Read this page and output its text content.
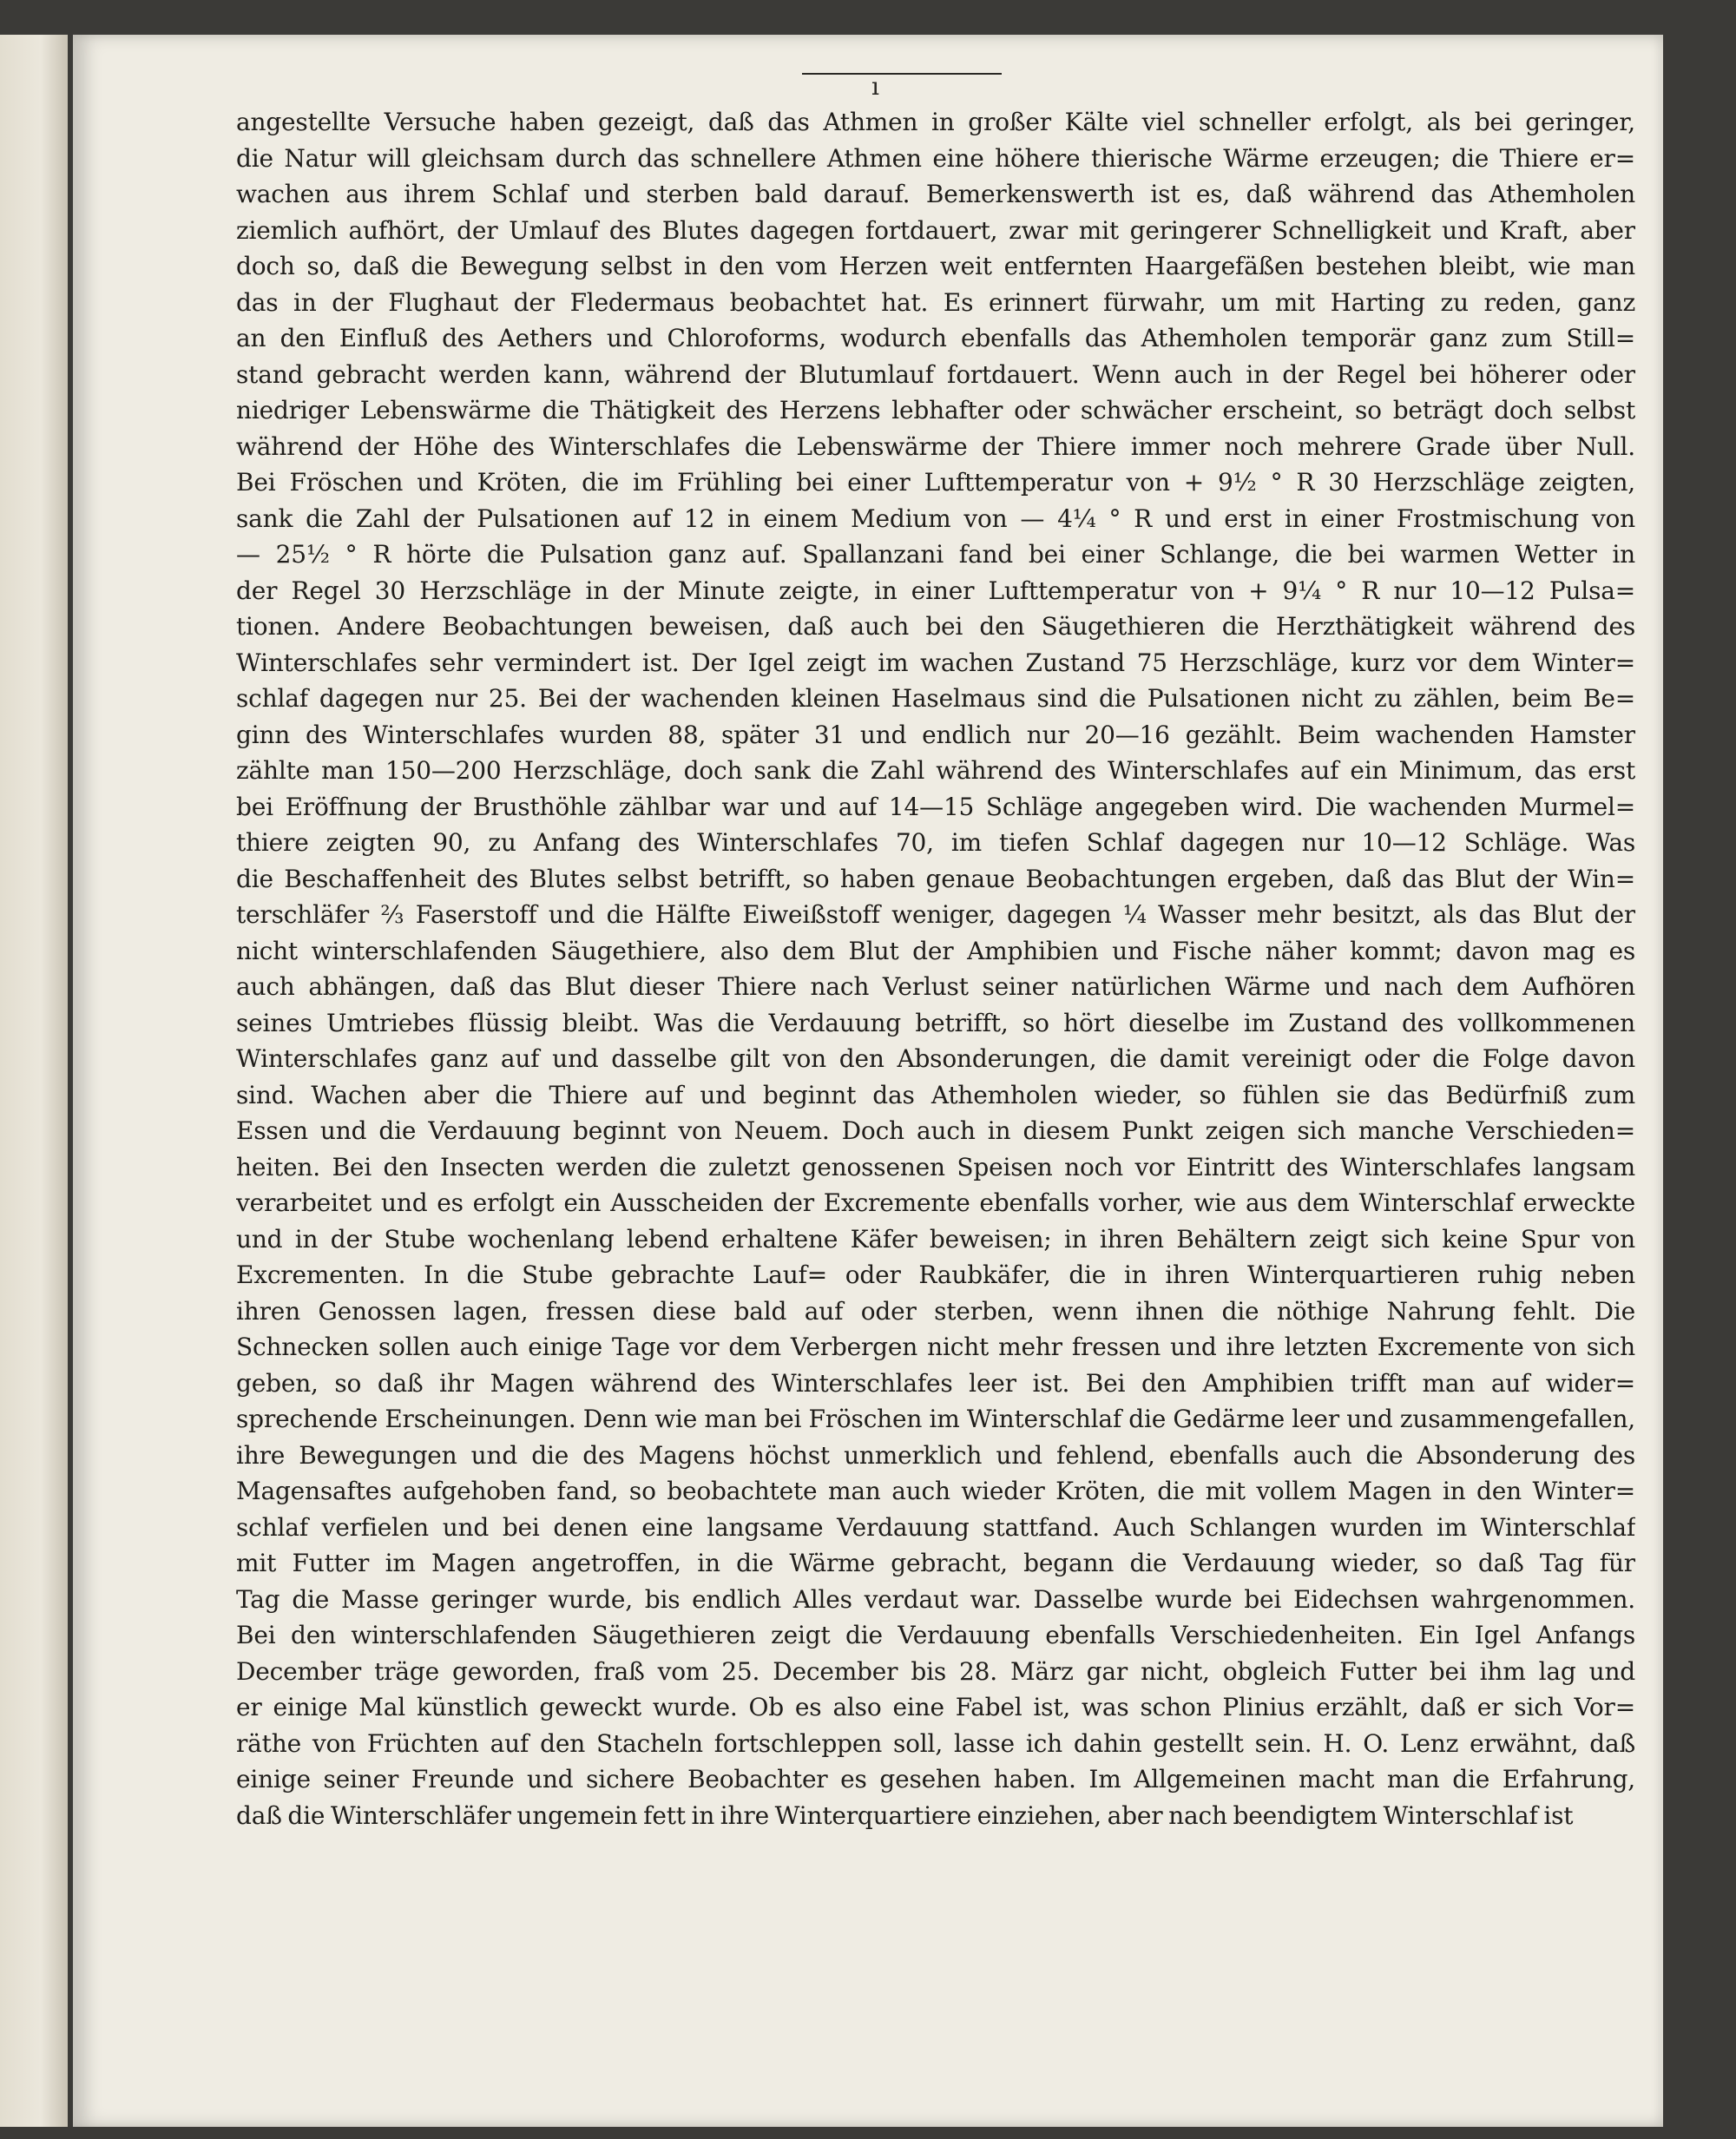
ı
angestellte Versuche haben gezeigt, daß das Athmen in großer Kälte viel schneller erfolgt, als bei geringer,
die Natur will gleichsam durch das schnellere Athmen eine höhere thierische Wärme erzeugen; die Thiere er=
wachen aus ihrem Schlaf und sterben bald darauf. Bemerkenswerth ist es, daß während das Athemholen
ziemlich aufhört, der Umlauf des Blutes dagegen fortdauert, zwar mit geringerer Schnelligkeit und Kraft, aber
doch so, daß die Bewegung selbst in den vom Herzen weit entfernten Haargefäßen bestehen bleibt, wie man
das in der Flughaut der Fledermaus beobachtet hat. Es erinnert fürwahr, um mit Harting zu reden, ganz
an den Einfluß des Aethers und Chloroforms, wodurch ebenfalls das Athemholen temporär ganz zum Still=
stand gebracht werden kann, während der Blutumlauf fortdauert. Wenn auch in der Regel bei höherer oder
niedriger Lebenswärme die Thätigkeit des Herzens lebhafter oder schwächer erscheint, so beträgt doch selbst
während der Höhe des Winterschlafes die Lebenswärme der Thiere immer noch mehrere Grade über Null.
Bei Fröschen und Kröten, die im Frühling bei einer Lufttemperatur von + 9½ ° R 30 Herzschläge zeigten,
sank die Zahl der Pulsationen auf 12 in einem Medium von — 4¼ ° R und erst in einer Frostmischung von
— 25½ ° R hörte die Pulsation ganz auf. Spallanzani fand bei einer Schlange, die bei warmen Wetter in
der Regel 30 Herzschläge in der Minute zeigte, in einer Lufttemperatur von + 9¼ ° R nur 10—12 Pulsa=
tionen. Andere Beobachtungen beweisen, daß auch bei den Säugethieren die Herzthätigkeit während des
Winterschlafes sehr vermindert ist. Der Igel zeigt im wachen Zustand 75 Herzschläge, kurz vor dem Winter=
schlaf dagegen nur 25. Bei der wachenden kleinen Haselmaus sind die Pulsationen nicht zu zählen, beim Be=
ginn des Winterschlafes wurden 88, später 31 und endlich nur 20—16 gezählt. Beim wachenden Hamster
zählte man 150—200 Herzschläge, doch sank die Zahl während des Winterschlafes auf ein Minimum, das erst
bei Eröffnung der Brusthöhle zählbar war und auf 14—15 Schläge angegeben wird. Die wachenden Murmel=
thiere zeigten 90, zu Anfang des Winterschlafes 70, im tiefen Schlaf dagegen nur 10—12 Schläge. Was
die Beschaffenheit des Blutes selbst betrifft, so haben genaue Beobachtungen ergeben, daß das Blut der Win=
terschläfer ⅔ Faserstoff und die Hälfte Eiweißstoff weniger, dagegen ¼ Wasser mehr besitzt, als das Blut der
nicht winterschlafenden Säugethiere, also dem Blut der Amphibien und Fische näher kommt; davon mag es
auch abhängen, daß das Blut dieser Thiere nach Verlust seiner natürlichen Wärme und nach dem Aufhören
seines Umtriebes flüssig bleibt. Was die Verdauung betrifft, so hört dieselbe im Zustand des vollkommenen
Winterschlafes ganz auf und dasselbe gilt von den Absonderungen, die damit vereinigt oder die Folge davon
sind. Wachen aber die Thiere auf und beginnt das Athemholen wieder, so fühlen sie das Bedürfniß zum
Essen und die Verdauung beginnt von Neuem. Doch auch in diesem Punkt zeigen sich manche Verschieden=
heiten. Bei den Insecten werden die zuletzt genossenen Speisen noch vor Eintritt des Winterschlafes langsam
verarbeitet und es erfolgt ein Ausscheiden der Excremente ebenfalls vorher, wie aus dem Winterschlaf erweckte
und in der Stube wochenlang lebend erhaltene Käfer beweisen; in ihren Behältern zeigt sich keine Spur von
Excrementen. In die Stube gebrachte Lauf= oder Raubkäfer, die in ihren Winterquartieren ruhig neben
ihren Genossen lagen, fressen diese bald auf oder sterben, wenn ihnen die nöthige Nahrung fehlt. Die
Schnecken sollen auch einige Tage vor dem Verbergen nicht mehr fressen und ihre letzten Excremente von sich
geben, so daß ihr Magen während des Winterschlafes leer ist. Bei den Amphibien trifft man auf wider=
sprechende Erscheinungen. Denn wie man bei Fröschen im Winterschlaf die Gedärme leer und zusammengefallen,
ihre Bewegungen und die des Magens höchst unmerklich und fehlend, ebenfalls auch die Absonderung des
Magensaftes aufgehoben fand, so beobachtete man auch wieder Kröten, die mit vollem Magen in den Winter=
schlaf verfielen und bei denen eine langsame Verdauung stattfand. Auch Schlangen wurden im Winterschlaf
mit Futter im Magen angetroffen, in die Wärme gebracht, begann die Verdauung wieder, so daß Tag für
Tag die Masse geringer wurde, bis endlich Alles verdaut war. Dasselbe wurde bei Eidechsen wahrgenommen.
Bei den winterschlafenden Säugethieren zeigt die Verdauung ebenfalls Verschiedenheiten. Ein Igel Anfangs
December träge geworden, fraß vom 25. December bis 28. März gar nicht, obgleich Futter bei ihm lag und
er einige Mal künstlich geweckt wurde. Ob es also eine Fabel ist, was schon Plinius erzählt, daß er sich Vor=
räthe von Früchten auf den Stacheln fortschleppen soll, lasse ich dahin gestellt sein. H. O. Lenz erwähnt, daß
einige seiner Freunde und sichere Beobachter es gesehen haben. Im Allgemeinen macht man die Erfahrung,
daß die Winterschläfer ungemein fett in ihre Winterquartiere einziehen, aber nach beendigtem Winterschlaf ist
